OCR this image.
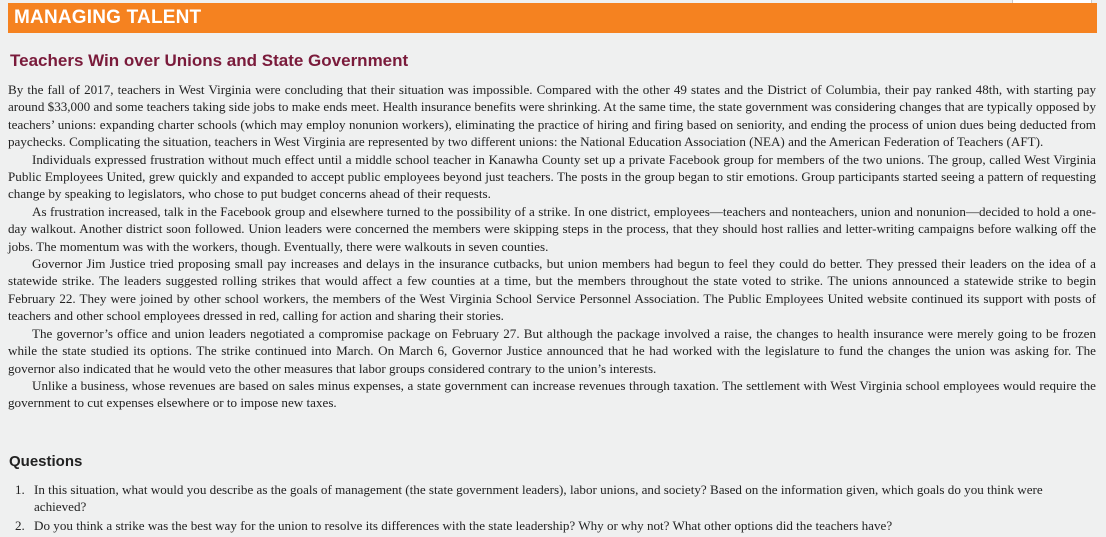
MANAGING TALENT
Teachers Win over Unions and State Government

By the fall of 2017, teachers in West Virginia were concluding that their situation was impossible. Compared with the other 49 states and the District of Columbia, their pay ranked 48th, with starting pay around $33,000 and some teachers taking side jobs to make ends meet. Health insurance benefits were shrinking. At the same time, the state government was considering changes that are typically opposed by teachers’ unions: expanding charter schools (which may employ nonunion workers), eliminating the practice of hiring and firing based on seniority, and ending the process of union dues being deducted from paychecks. Complicating the situation, teachers in West Virginia are represented by two different unions: the National Education Association (NEA) and the American Federation of Teachers (AFT).

Individuals expressed frustration without much effect until a middle school teacher in Kanawha County set up a private Facebook group for members of the two unions. The group, called West Virginia Public Employees United, grew quickly and expanded to accept public employees beyond just teachers. The posts in the group began to stir emotions. Group participants started seeing a pattern of requesting change by speaking to legislators, who chose to put budget concerns ahead of their requests.

As frustration increased, talk in the Facebook group and elsewhere turned to the possibility of a strike. In one district, employees—teachers and nonteachers, union and nonunion—decided to hold a one-day walkout. Another district soon followed. Union leaders were concerned the members were skipping steps in the process, that they should host rallies and letter-writing campaigns before walking off the jobs. The momentum was with the workers, though. Eventually, there were walkouts in seven counties.

Governor Jim Justice tried proposing small pay increases and delays in the insurance cutbacks, but union members had begun to feel they could do better. They pressed their leaders on the idea of a statewide strike. The leaders suggested rolling strikes that would affect a few counties at a time, but the members throughout the state voted to strike. The unions announced a statewide strike to begin February 22. They were joined by other school workers, the members of the West Virginia School Service Personnel Association. The Public Employees United website continued its support with posts of teachers and other school employees dressed in red, calling for action and sharing their stories.

The governor’s office and union leaders negotiated a compromise package on February 27. But although the package involved a raise, the changes to health insurance were merely going to be frozen while the state studied its options. The strike continued into March. On March 6, Governor Justice announced that he had worked with the legislature to fund the changes the union was asking for. The governor also indicated that he would veto the other measures that labor groups considered contrary to the union’s interests.

Unlike a business, whose revenues are based on sales minus expenses, a state government can increase revenues through taxation. The settlement with West Virginia school employees would require the government to cut expenses elsewhere or to impose new taxes.

Questions
1. In this situation, what would you describe as the goals of management (the state government leaders), labor unions, and society? Based on the information given, which goals do you think were achieved?
2. Do you think a strike was the best way for the union to resolve its differences with the state leadership? Why or why not? What other options did the teachers have?
